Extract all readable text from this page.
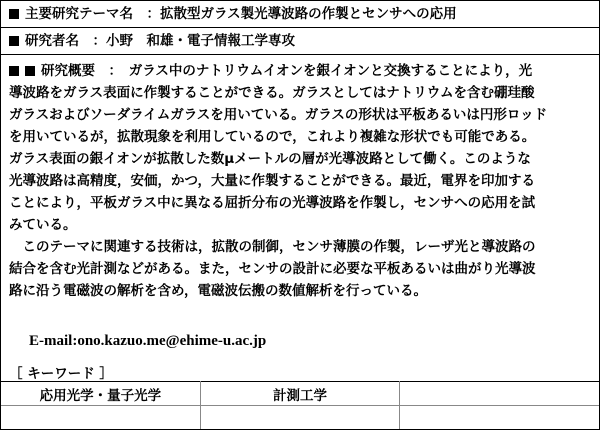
主要研究テーマ名　 ：拡散型ガラス製光導波路の作製とセンサへの応用
研究者名　 ：小野　和雄・電子情報工学専攻

研究概要　 ：　 ガラス中のナトリウムイオンを銀イオンと交換することにより，光

導波路をガラス表面に作製することができる。ガラスとしてはナトリウムを含む硼珪酸

ガラスおよびソーダライムガラスを用いている。ガラスの形状は平板あるいは円形ロッド

を用いているが，拡散現象を利用しているので，これより複雑な形状でも可能である。

ガラス表面の銀イオンが拡散した数μメートルの層が光導波路として働く。このような

光導波路は高精度，安価，かつ，大量に作製することができる。最近，電界を印加する

ことにより，平板ガラス中に異なる屈折分布の光導波路を作製し，センサへの応用を試

みている。

　このテーマに関連する技術は，拡散の制御，センサ薄膜の作製，レーザ光と導波路の

結合を含む光計測などがある。また，センサの設計に必要な平板あるいは曲がり光導波

路に沿う電磁波の解析を含め，電磁波伝搬の数値解析を行っている。

E-mail:ono.kazuo.me@ehime-u.ac.jp
［ キーワード ］
応用光学・量子光学	計測工学	
